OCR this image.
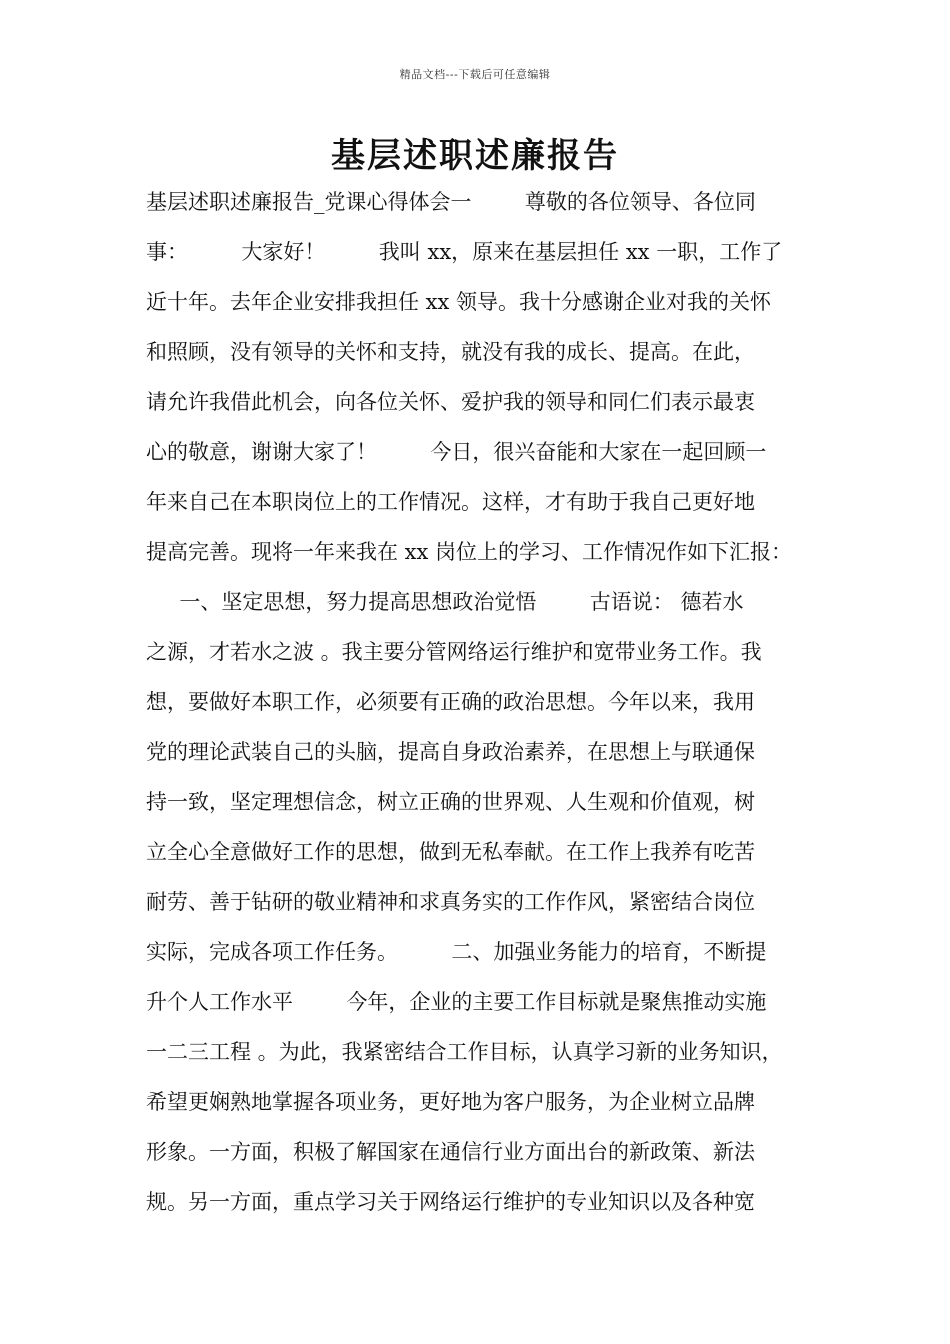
精品文档---下载后可任意编辑
基层述职述廉报告
基层述职述廉报告_党课心得体会一        尊敬的各位领导、各位同
事：        大家好！        我叫 xx，原来在基层担任 xx 一职，工作了
近十年。去年企业安排我担任 xx 领导。我十分感谢企业对我的关怀
和照顾，没有领导的关怀和支持，就没有我的成长、提高。在此，
请允许我借此机会，向各位关怀、爱护我的领导和同仁们表示最衷
心的敬意，谢谢大家了！        今日，很兴奋能和大家在一起回顾一
年来自己在本职岗位上的工作情况。这样，才有助于我自己更好地
提高完善。现将一年来我在 xx 岗位上的学习、工作情况作如下汇报：
一、坚定思想，努力提高思想政治觉悟        古语说： 德若水
之源，才若水之波 。我主要分管网络运行维护和宽带业务工作。我
想，要做好本职工作，必须要有正确的政治思想。今年以来，我用
党的理论武装自己的头脑，提高自身政治素养，在思想上与联通保
持一致，坚定理想信念，树立正确的世界观、人生观和价值观，树
立全心全意做好工作的思想，做到无私奉献。在工作上我养有吃苦
耐劳、善于钻研的敬业精神和求真务实的工作作风，紧密结合岗位
实际，完成各项工作任务。        二、加强业务能力的培育，不断提
升个人工作水平        今年，企业的主要工作目标就是聚焦推动实施
一二三工程 。为此，我紧密结合工作目标，认真学习新的业务知识，
希望更娴熟地掌握各项业务，更好地为客户服务，为企业树立品牌
形象。一方面，积极了解国家在通信行业方面出台的新政策、新法
规。另一方面，重点学习关于网络运行维护的专业知识以及各种宽
